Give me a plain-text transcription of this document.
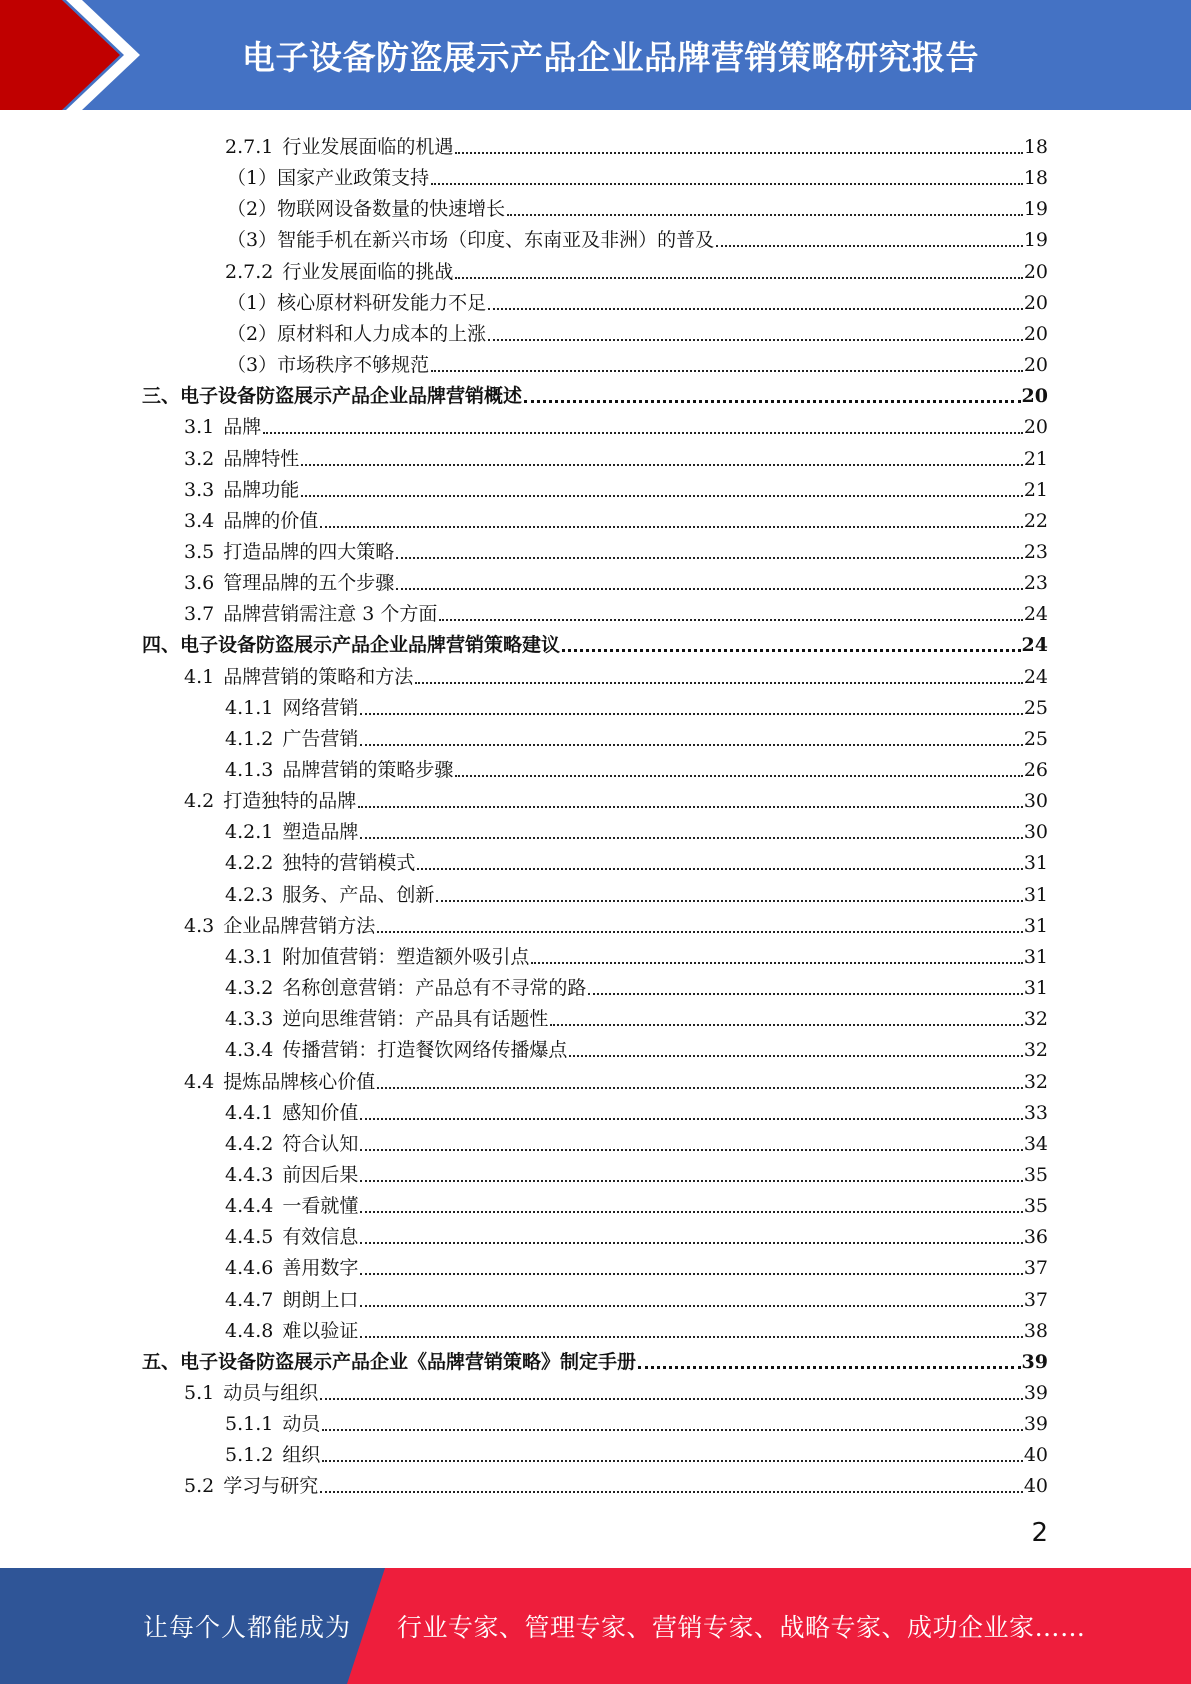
电子设备防盗展示产品企业品牌营销策略研究报告
2.7.1 行业发展面临的机遇	18
（1）国家产业政策支持	18
（2）物联网设备数量的快速增长	19
（3）智能手机在新兴市场（印度、东南亚及非洲）的普及	19
2.7.2 行业发展面临的挑战	20
（1）核心原材料研发能力不足	20
（2）原材料和人力成本的上涨	20
（3）市场秩序不够规范	20
三、电子设备防盗展示产品企业品牌营销概述	20
3.1 品牌	20
3.2 品牌特性	21
3.3 品牌功能	21
3.4 品牌的价值	22
3.5 打造品牌的四大策略	23
3.6 管理品牌的五个步骤	23
3.7 品牌营销需注意 3 个方面	24
四、电子设备防盗展示产品企业品牌营销策略建议	24
4.1 品牌营销的策略和方法	24
4.1.1 网络营销	25
4.1.2 广告营销	25
4.1.3 品牌营销的策略步骤	26
4.2 打造独特的品牌	30
4.2.1 塑造品牌	30
4.2.2 独特的营销模式	31
4.2.3 服务、产品、创新	31
4.3 企业品牌营销方法	31
4.3.1 附加值营销：塑造额外吸引点	31
4.3.2 名称创意营销：产品总有不寻常的路	31
4.3.3 逆向思维营销：产品具有话题性	32
4.3.4 传播营销：打造餐饮网络传播爆点	32
4.4 提炼品牌核心价值	32
4.4.1 感知价值	33
4.4.2 符合认知	34
4.4.3 前因后果	35
4.4.4 一看就懂	35
4.4.5 有效信息	36
4.4.6 善用数字	37
4.4.7 朗朗上口	37
4.4.8 难以验证	38
五、电子设备防盗展示产品企业《品牌营销策略》制定手册	39
5.1 动员与组织	39
5.1.1 动员	39
5.1.2 组织	40
5.2 学习与研究	40
2
让每个人都能成为 行业专家、管理专家、营销专家、战略专家、成功企业家……
